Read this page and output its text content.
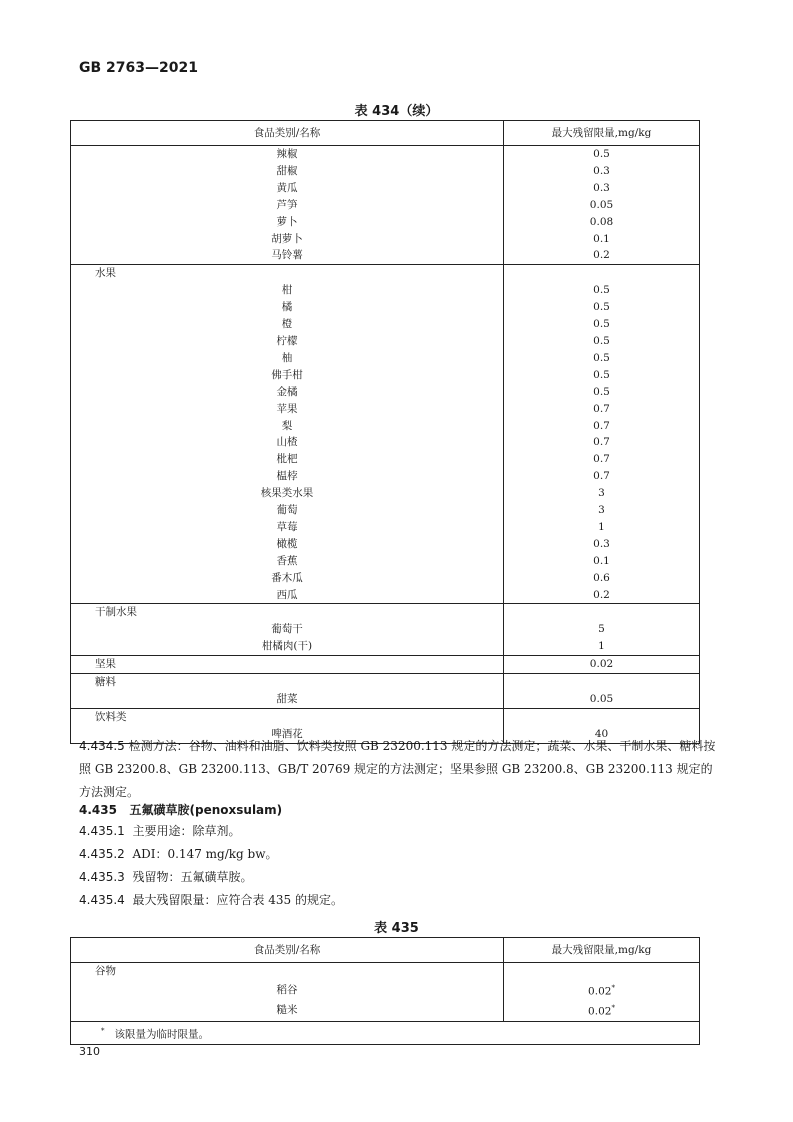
GB 2763—2021
表 434（续）
食品类别/名称	最大残留限量,mg/kg
辣椒	0.5
甜椒	0.3
黄瓜	0.3
芦笋	0.05
萝卜	0.08
胡萝卜	0.1
马铃薯	0.2
水果	
柑	0.5
橘	0.5
橙	0.5
柠檬	0.5
柚	0.5
佛手柑	0.5
金橘	0.5
苹果	0.7
梨	0.7
山楂	0.7
枇杷	0.7
榅桲	0.7
核果类水果	3
葡萄	3
草莓	1
橄榄	0.3
香蕉	0.1
番木瓜	0.6
西瓜	0.2
干制水果	
葡萄干	5
柑橘肉(干)	1
坚果	0.02
糖料	
甜菜	0.05
饮料类	
啤酒花	40
4.434.5 检测方法：谷物、油料和油脂、饮料类按照 GB 23200.113 规定的方法测定；蔬菜、水果、干制水果、糖料按照 GB 23200.8、GB 23200.113、GB/T 20769 规定的方法测定；坚果参照 GB 23200.8、GB 23200.113 规定的方法测定。
4.435 五氟磺草胺(penoxsulam)
4.435.1 主要用途：除草剂。
4.435.2 ADI：0.147 mg/kg bw。
4.435.3 残留物：五氟磺草胺。
4.435.4 最大残留限量：应符合表 435 的规定。
表 435
食品类别/名称	最大残留限量,mg/kg
谷物	
稻谷	0.02*
糙米	0.02*
* 该限量为临时限量。	
310
